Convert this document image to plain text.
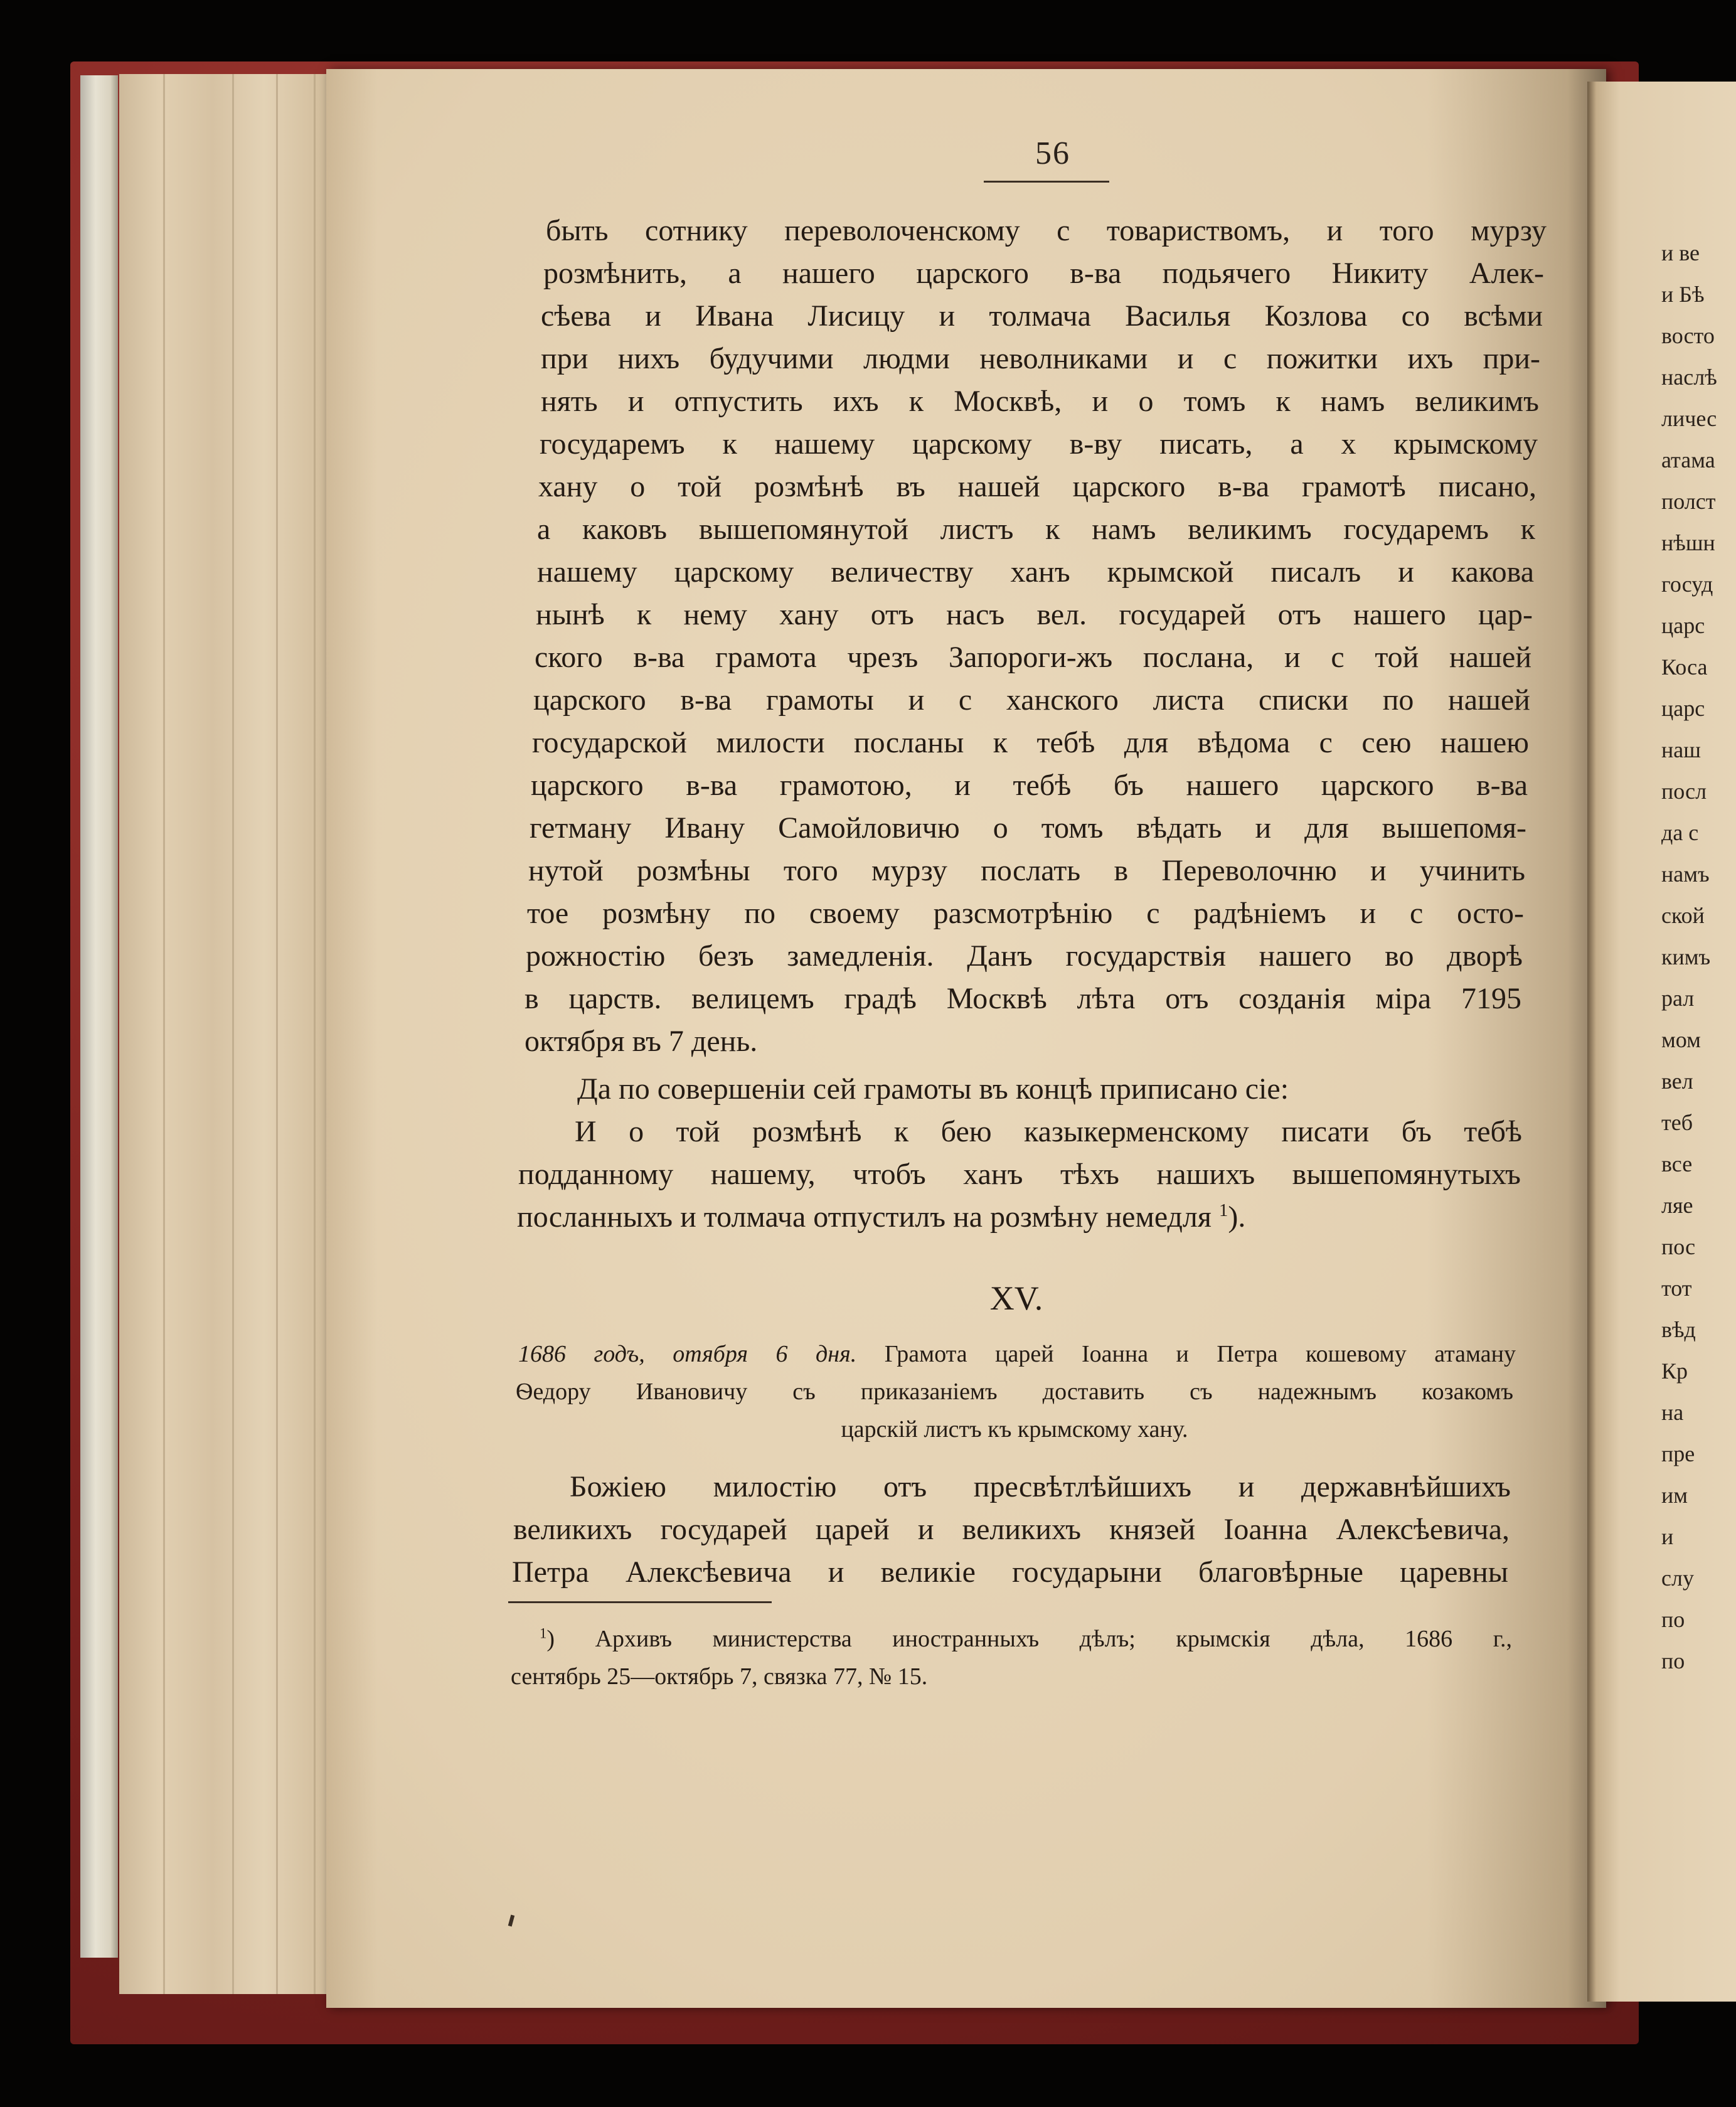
и ве
и Бѣ
восто
наслѣ
личес
атама
полст
нѣшн
госуд
царс
Коса
царс
наш
посл
да с
намъ
ской
кимъ
рал
мом
вел
теб
все
ляе
пос
тот
вѣд
Кр
на
пре
им
и
слу
по
по
56
быть сотнику переволоченскому с товариствомъ, и того мурзу
розмѣнить, а нашего царского в-ва подьячего Никиту Алек-
сѣева и Ивана Лисицу и толмача Василья Козлова со всѣми
при нихъ будучими людми неволниками и с пожитки ихъ при-
нять и отпустить ихъ к Москвѣ, и о томъ к намъ великимъ
государемъ к нашему царскому в-ву писать, а х крымскому
хану о той розмѣнѣ въ нашей царского в-ва грамотѣ писано,
а каковъ вышепомянутой листъ к намъ великимъ государемъ к
нашему царскому величеству ханъ крымской писалъ и какова
нынѣ к нему хану отъ насъ вел. государей отъ нашего цар-
ского в-ва грамота чрезъ Запороги-жъ послана, и с той нашей
царского в-ва грамоты и с ханского листа списки по нашей
государской милости посланы к тебѣ для вѣдома с сею нашею
царского в-ва грамотою, и тебѣ бъ нашего царского в-ва
гетману Ивану Самойловичю о томъ вѣдать и для вышепомя-
нутой розмѣны того мурзу послать в Переволочню и учинить
тое розмѣну по своему разсмотрѣнію с радѣніемъ и с осто-
рожностію безъ замедленія. Данъ государствія нашего во дворѣ
в царств. велицемъ градѣ Москвѣ лѣта отъ созданія міра 7195
октября въ 7 день.
Да по совершеніи сей грамоты въ концѣ приписано сіе:
И о той розмѣнѣ к бею казыкерменскому писати бъ тебѣ
подданному нашему, чтобъ ханъ тѣхъ нашихъ вышепомянутыхъ
посланныхъ и толмача отпустилъ на розмѣну немедля $^1$).
XV.
1686 годъ, отября 6 дня. Грамота царей Іоанна и Петра кошевому атаману
Ѳедору Ивановичу съ приказаніемъ доставить съ надежнымъ козакомъ
царскій листъ къ крымскому хану.
Божіею милостію отъ пресвѣтлѣйшихъ и державнѣйшихъ
великихъ государей царей и великихъ князей Іоанна Алексѣевича,
Петра Алексѣевича и великіе государыни благовѣрные царевны
$^1$) Архивъ министерства иностранныхъ дѣлъ; крымскія дѣла, 1686 г.,
сентябрь 25—октябрь 7, связка 77, № 15.
